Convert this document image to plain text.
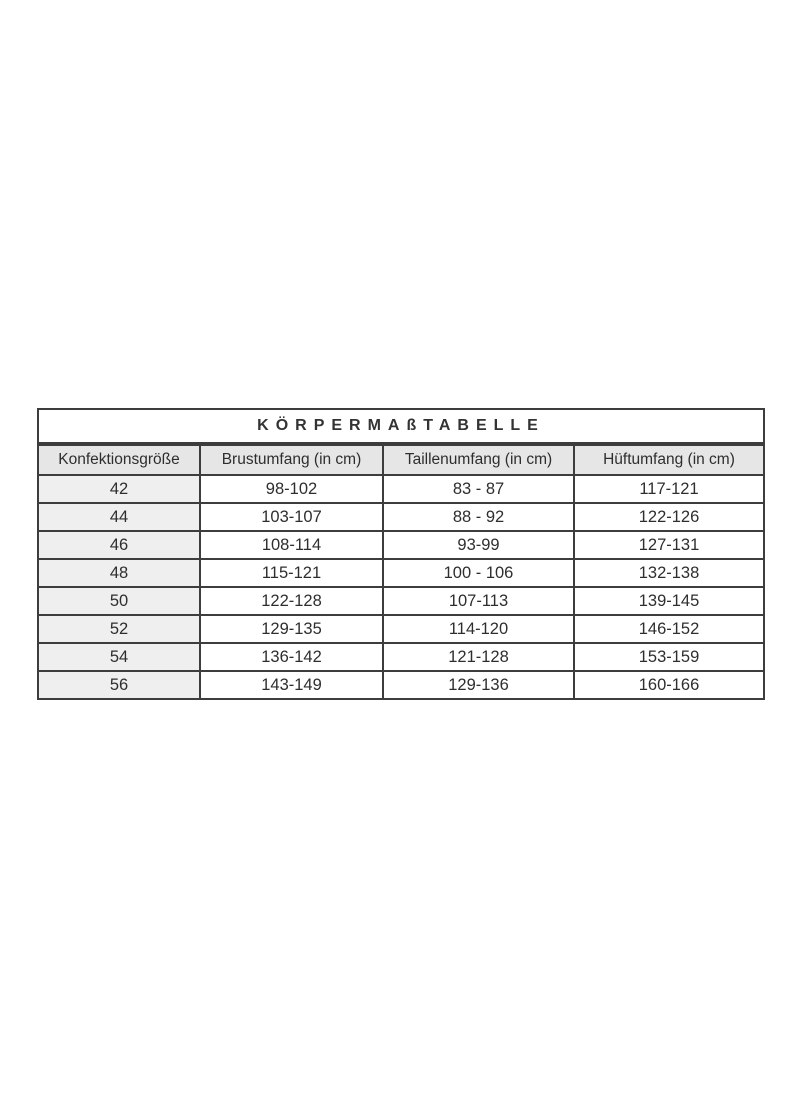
KÖRPERMAßTABELLE
Konfektionsgröße	Brustumfang (in cm)	Taillenumfang (in cm)	Hüftumfang (in cm)
42	98-102	83 - 87	117-121
44	103-107	88 - 92	122-126
46	108-114	93-99	127-131
48	115-121	100 - 106	132-138
50	122-128	107-113	139-145
52	129-135	114-120	146-152
54	136-142	121-128	153-159
56	143-149	129-136	160-166
